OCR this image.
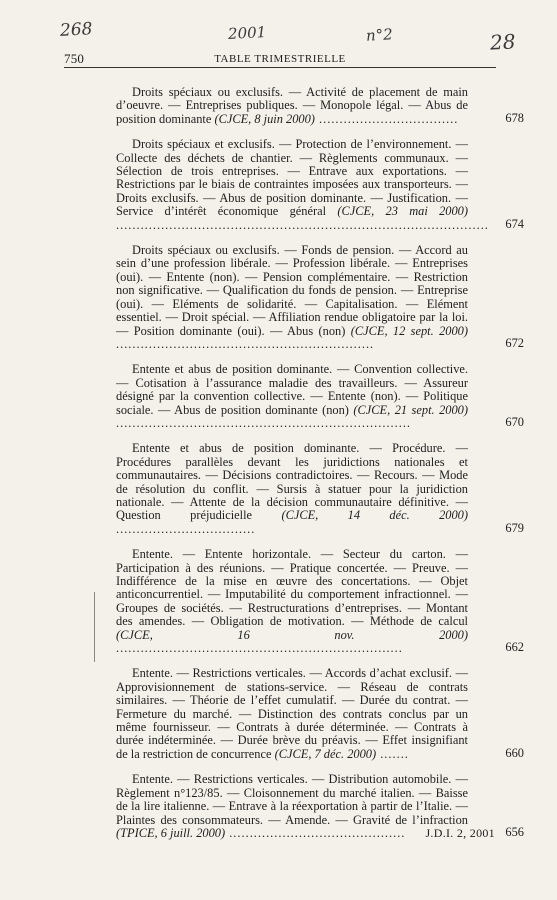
268	2001	n°2	28
750	TABLE TRIMESTRIELLE
Droits spéciaux ou exclusifs. — Activité de placement de main d’oeuvre. — Entreprises publiques. — Monopole légal. — Abus de position dominante (CJCE, 8 juin 2000) ..................................	678
Droits spéciaux et exclusifs. — Protection de l’environnement. — Collecte des déchets de chantier. — Règlements communaux. — Sélection de trois entreprises. — Entrave aux exportations. — Restrictions par le biais de contraintes imposées aux transporteurs. — Droits exclusifs. — Abus de position dominante. — Justification. — Service d’intérêt économique général (CJCE, 23 mai 2000) ...........................................................................................	674
Droits spéciaux ou exclusifs. — Fonds de pension. — Accord au sein d’une profession libérale. — Profession libérale. — Entreprises (oui). — Entente (non). — Pension complémentaire. — Restriction non significative. — Qualification du fonds de pension. — Entreprise (oui). — Eléments de solidarité. — Capitalisation. — Elément essentiel. — Droit spécial. — Affiliation rendue obligatoire par la loi. — Position dominante (oui). — Abus (non) (CJCE, 12 sept. 2000) ...............................................................	672
Entente et abus de position dominante. — Convention collective. — Cotisation à l’assurance maladie des travailleurs. — Assureur désigné par la convention collective. — Entente (non). — Politique sociale. — Abus de position dominante (non) (CJCE, 21 sept. 2000) ........................................................................	670
Entente et abus de position dominante. — Procédure. — Procédures parallèles devant les juridictions nationales et communautaires. — Décisions contradictoires. — Recours. — Mode de résolution du conflit. — Sursis à statuer pour la juridiction nationale. — Attente de la décision communautaire définitive. — Question préjudicielle (CJCE, 14 déc. 2000) ..................................	679
Entente. — Entente horizontale. — Secteur du carton. — Participation à des réunions. — Pratique concertée. — Preuve. — Indifférence de la mise en œuvre des concertations. — Objet anticoncurrentiel. — Imputabilité du comportement infractionnel. — Groupes de sociétés. — Restructurations d’entreprises. — Montant des amendes. — Obligation de motivation. — Méthode de calcul (CJCE, 16 nov. 2000) ......................................................................	662
Entente. — Restrictions verticales. — Accords d’achat exclusif. — Approvisionnement de stations-service. — Réseau de contrats similaires. — Théorie de l’effet cumulatif. — Durée du contrat. — Fermeture du marché. — Distinction des contrats conclus par un même fournisseur. — Contrats à durée déterminée. — Contrats à durée indéterminée. — Durée brève du préavis. — Effet insignifiant de la restriction de concurrence (CJCE, 7 déc. 2000) .......	660
Entente. — Restrictions verticales. — Distribution automobile. — Règlement n°123/85. — Cloisonnement du marché italien. — Baisse de la lire italienne. — Entrave à la réexportation à partir de l’Italie. — Plaintes des consommateurs. — Amende. — Gravité de l’infraction (TPICE, 6 juill. 2000) ...........................................	656
J.D.I. 2, 2001
